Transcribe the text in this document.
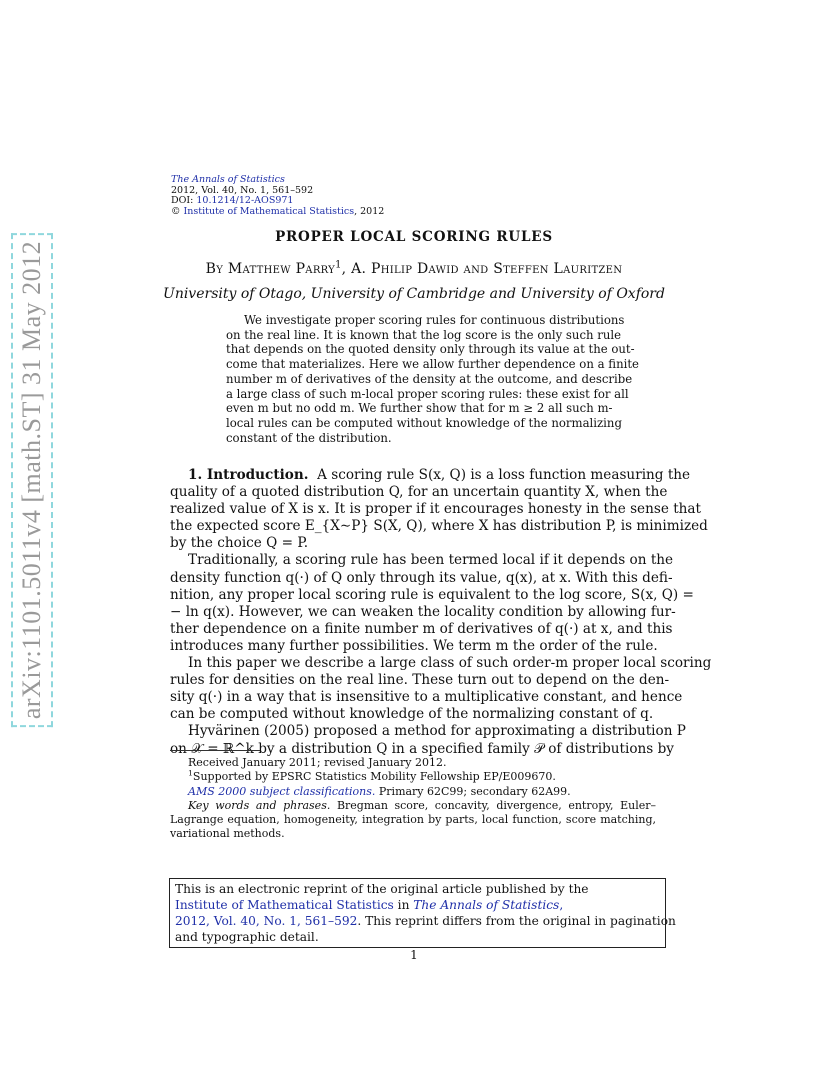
arXiv:1101.5011v4 [math.ST] 31 May 2012
The Annals of Statistics
2012, Vol. 40, No. 1, 561–592
DOI: 10.1214/12-AOS971
© Institute of Mathematical Statistics, 2012
PROPER LOCAL SCORING RULES
By Matthew Parry$^1$, A. Philip Dawid and Steffen Lauritzen
University of Otago, University of Cambridge and University of Oxford
We investigate proper scoring rules for continuous distributions
on the real line. It is known that the log score is the only such rule
that depends on the quoted density only through its value at the out-
come that materializes. Here we allow further dependence on a finite
number m of derivatives of the density at the outcome, and describe
a large class of such m-local proper scoring rules: these exist for all
even m but no odd m. We further show that for m ≥ 2 all such m-
local rules can be computed without knowledge of the normalizing
constant of the distribution.
1. Introduction. A scoring rule S(x, Q) is a loss function measuring the
quality of a quoted distribution Q, for an uncertain quantity X, when the
realized value of X is x. It is proper if it encourages honesty in the sense that
the expected score E_{X∼P} S(X, Q), where X has distribution P, is minimized
by the choice Q = P.
Traditionally, a scoring rule has been termed local if it depends on the
density function q(·) of Q only through its value, q(x), at x. With this defi-
nition, any proper local scoring rule is equivalent to the log score, S(x, Q) =
− ln q(x). However, we can weaken the locality condition by allowing fur-
ther dependence on a finite number m of derivatives of q(·) at x, and this
introduces many further possibilities. We term m the order of the rule.
In this paper we describe a large class of such order-m proper local scoring
rules for densities on the real line. These turn out to depend on the den-
sity q(·) in a way that is insensitive to a multiplicative constant, and hence
can be computed without knowledge of the normalizing constant of q.
Hyvärinen (2005) proposed a method for approximating a distribution P
on 𝒳 = ℝ^k by a distribution Q in a specified family 𝒫 of distributions by
Received January 2011; revised January 2012.
$^1$Supported by EPSRC Statistics Mobility Fellowship EP/E009670.
AMS 2000 subject classifications. Primary 62C99; secondary 62A99.
Key words and phrases. Bregman score, concavity, divergence, entropy, Euler–
Lagrange equation, homogeneity, integration by parts, local function, score matching,
variational methods.
This is an electronic reprint of the original article published by the
Institute of Mathematical Statistics in The Annals of Statistics,
2012, Vol. 40, No. 1, 561–592. This reprint differs from the original in pagination
and typographic detail.
1
